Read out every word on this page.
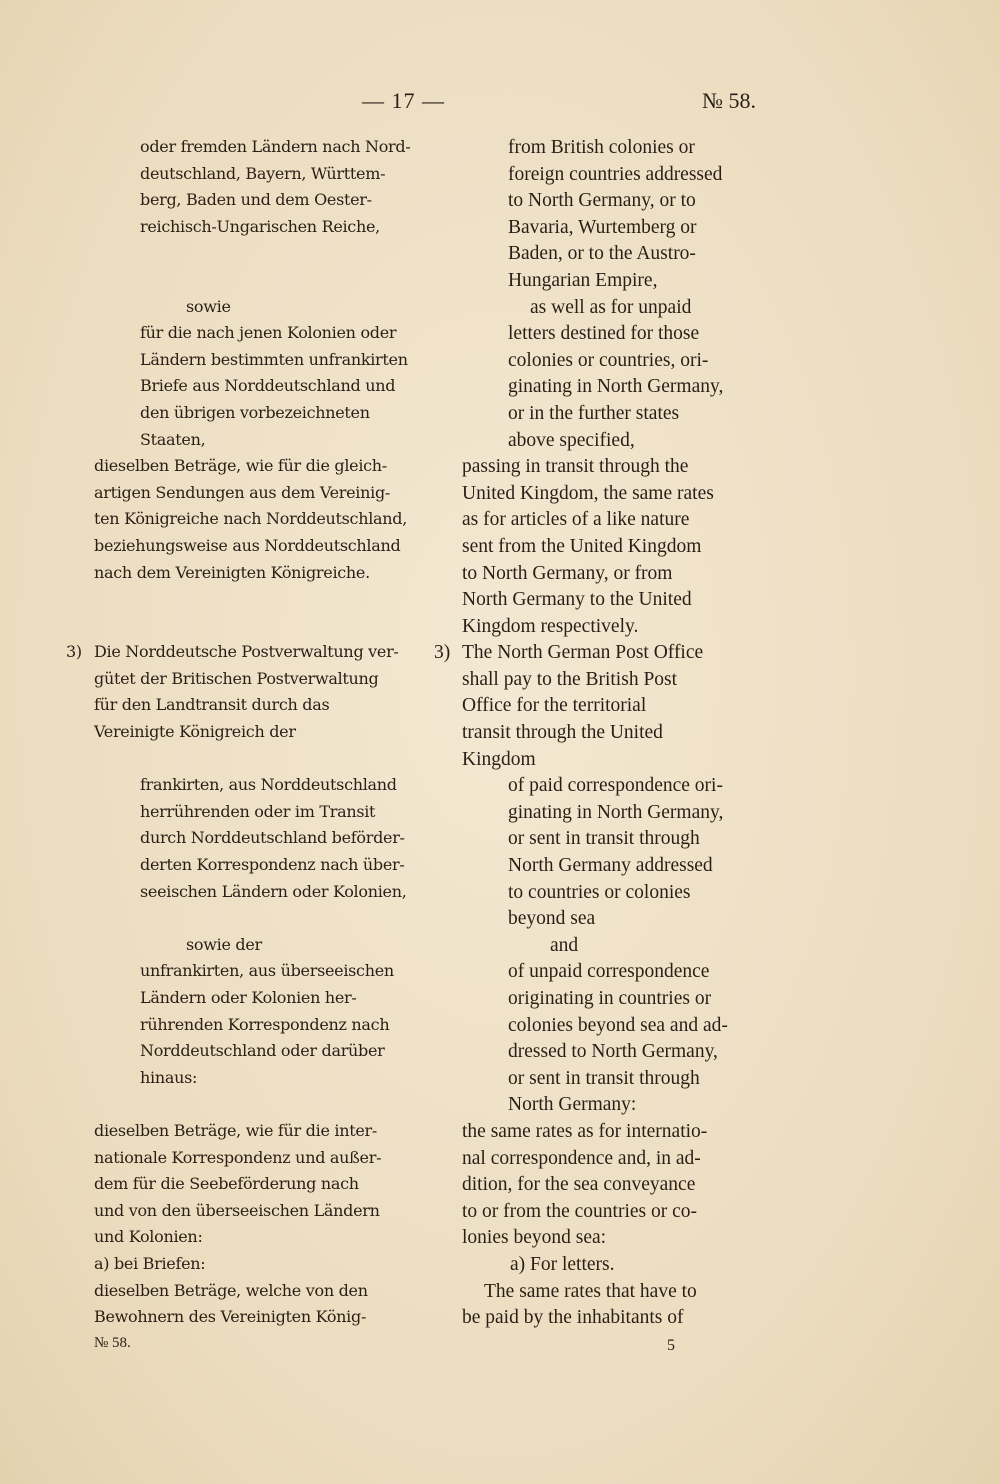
— 17 —	№ 58.
oder fremden Ländern nach Nord-
deutschland, Bayern, Württem-
berg, Baden und dem Oester-
reichisch-Ungarischen Reiche,
sowie
für die nach jenen Kolonien oder
Ländern bestimmten unfrankirten
Briefe aus Norddeutschland und
den übrigen vorbezeichneten
Staaten,
dieselben Beträge, wie für die gleich-
artigen Sendungen aus dem Vereinig-
ten Königreiche nach Norddeutschland,
beziehungsweise aus Norddeutschland
nach dem Vereinigten Königreiche.
3) Die Norddeutsche Postverwaltung ver-
gütet der Britischen Postverwaltung
für den Landtransit durch das
Vereinigte Königreich der
frankirten, aus Norddeutschland
herrührenden oder im Transit
durch Norddeutschland beförder-
derten Korrespondenz nach über-
seeischen Ländern oder Kolonien,
sowie der
unfrankirten, aus überseeischen
Ländern oder Kolonien her-
rührenden Korrespondenz nach
Norddeutschland oder darüber
hinaus:
dieselben Beträge, wie für die inter-
nationale Korrespondenz und außer-
dem für die Seebeförderung nach
und von den überseeischen Ländern
und Kolonien:
a) bei Briefen:
dieselben Beträge, welche von den
Bewohnern des Vereinigten König-
from British colonies or
foreign countries addressed
to North Germany, or to
Bavaria, Wurtemberg or
Baden, or to the Austro-
Hungarian Empire,
as well as for unpaid
letters destined for those
colonies or countries, ori-
ginating in North Germany,
or in the further states
above specified,
passing in transit through the
United Kingdom, the same rates
as for articles of a like nature
sent from the United Kingdom
to North Germany, or from
North Germany to the United
Kingdom respectively.
3) The North German Post Office
shall pay to the British Post
Office for the territorial
transit through the United
Kingdom
of paid correspondence ori-
ginating in North Germany,
or sent in transit through
North Germany addressed
to countries or colonies
beyond sea
and
of unpaid correspondence
originating in countries or
colonies beyond sea and ad-
dressed to North Germany,
or sent in transit through
North Germany:
the same rates as for internatio-
nal correspondence and, in ad-
dition, for the sea conveyance
to or from the countries or co-
lonies beyond sea:
a) For letters.
The same rates that have to
be paid by the inhabitants of
№ 58.	5
